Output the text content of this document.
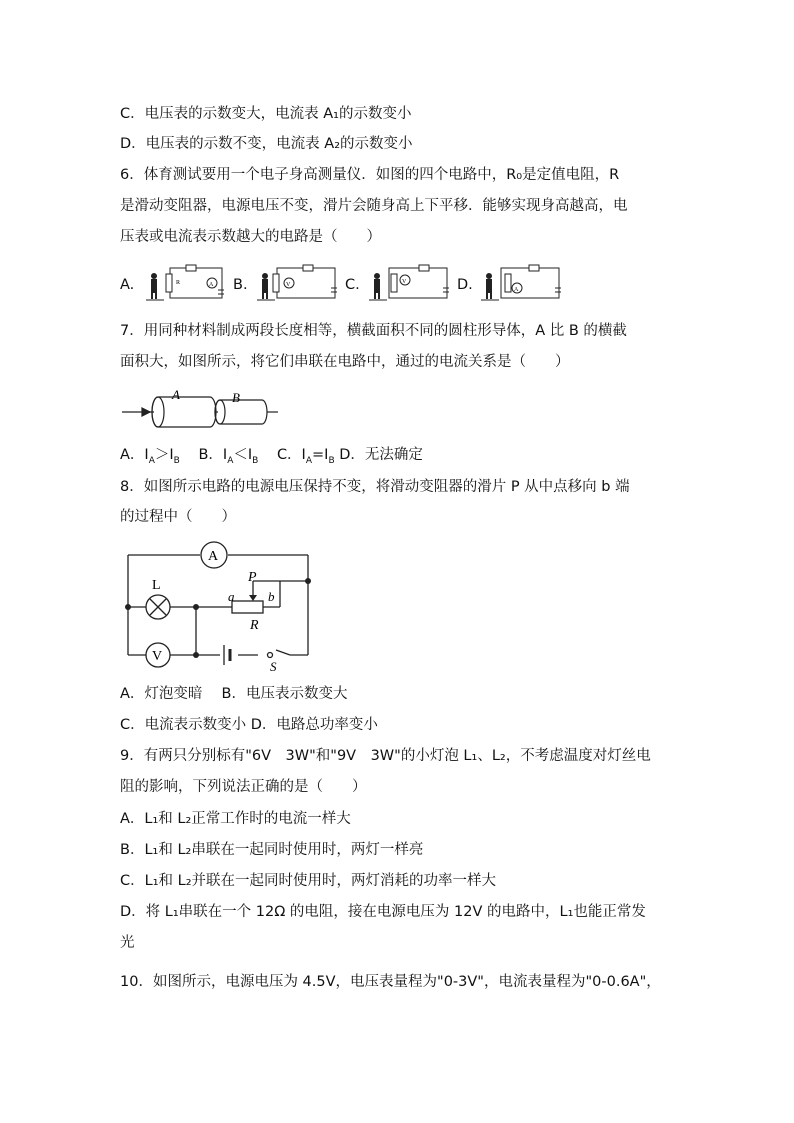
C．电压表的示数变大，电流表 A₁的示数变小
D．电压表的示数不变，电流表 A₂的示数变小
6．体育测试要用一个电子身高测量仪．如图的四个电路中，R₀是定值电阻，R
是滑动变阻器，电源电压不变，滑片会随身高上下平移．能够实现身高越高，电
压表或电流表示数越大的电路是（　　）
A.	B.	C.	D.
A
R	V	V
A
7．用同种材料制成两段长度相等，横截面积不同的圆柱形导体，A 比 B 的横截
面积大，如图所示，将它们串联在电路中，通过的电流关系是（　　）
A	B
A．$I_A>I_B$ B．$I_A<I_B$ C．$I_A=I_B$ D．无法确定
8．如图所示电路的电源电压保持不变，将滑动变阻器的滑片 P 从中点移向 b 端
的过程中（　　）
A
L
P
a	b
R
V
S
A．灯泡变暗　 B．电压表示数变大
C．电流表示数变小 D．电路总功率变小
9．有两只分别标有"6V　3W"和"9V　3W"的小灯泡 L₁、L₂，不考虑温度对灯丝电
阻的影响，下列说法正确的是（　　）
A．L₁和 L₂正常工作时的电流一样大
B．L₁和 L₂串联在一起同时使用时，两灯一样亮
C．L₁和 L₂并联在一起同时使用时，两灯消耗的功率一样大
D．将 L₁串联在一个 12Ω 的电阻，接在电源电压为 12V 的电路中，L₁也能正常发
光
10．如图所示，电源电压为 4.5V，电压表量程为"0-3V"，电流表量程为"0-0.6A"，
